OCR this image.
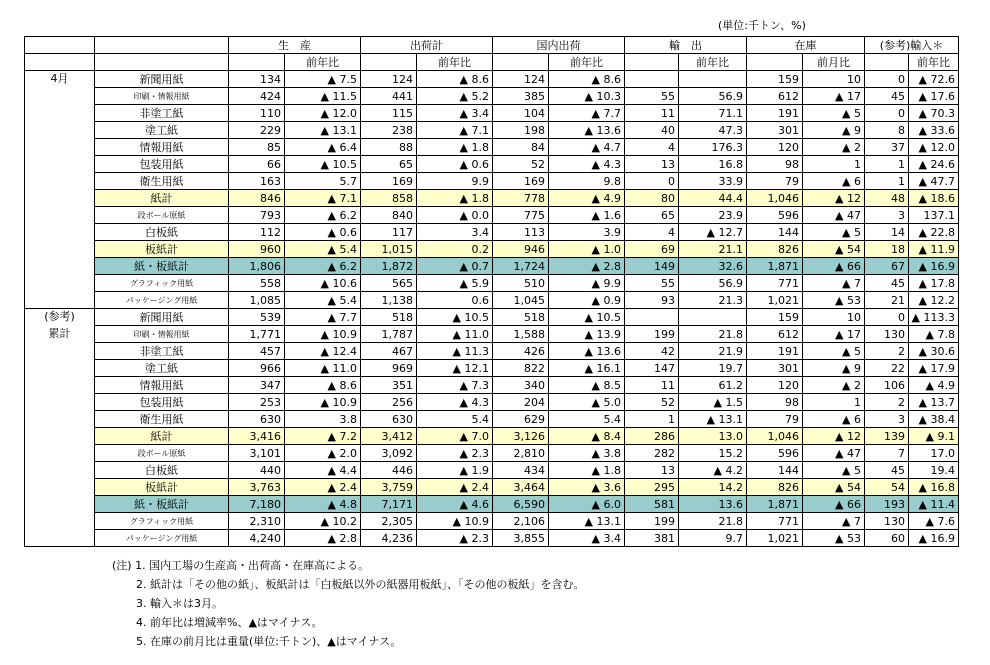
(単位:千トン、%)
		生　産		出荷計		国内出荷		輸　出		在庫		(参考)輸入＊	
			前年比		前年比		前年比		前年比		前月比		前年比
4月	新聞用紙	134	▲ 7.5	124	▲ 8.6	124	▲ 8.6			159	10	0	▲ 72.6
	印刷・情報用紙	424	▲ 11.5	441	▲ 5.2	385	▲ 10.3	55	56.9	612	▲ 17	45	▲ 17.6
	非塗工紙	110	▲ 12.0	115	▲ 3.4	104	▲ 7.7	11	71.1	191	▲ 5	0	▲ 70.3
	塗工紙	229	▲ 13.1	238	▲ 7.1	198	▲ 13.6	40	47.3	301	▲ 9	8	▲ 33.6
	情報用紙	85	▲ 6.4	88	▲ 1.8	84	▲ 4.7	4	176.3	120	▲ 2	37	▲ 12.0
	包装用紙	66	▲ 10.5	65	▲ 0.6	52	▲ 4.3	13	16.8	98	1	1	▲ 24.6
	衛生用紙	163	5.7	169	9.9	169	9.8	0	33.9	79	▲ 6	1	▲ 47.7
	紙計	846	▲ 7.1	858	▲ 1.8	778	▲ 4.9	80	44.4	1,046	▲ 12	48	▲ 18.6
	段ボール原紙	793	▲ 6.2	840	▲ 0.0	775	▲ 1.6	65	23.9	596	▲ 47	3	137.1
	白板紙	112	▲ 0.6	117	3.4	113	3.9	4	▲ 12.7	144	▲ 5	14	▲ 22.8
	板紙計	960	▲ 5.4	1,015	0.2	946	▲ 1.0	69	21.1	826	▲ 54	18	▲ 11.9
	紙・板紙計	1,806	▲ 6.2	1,872	▲ 0.7	1,724	▲ 2.8	149	32.6	1,871	▲ 66	67	▲ 16.9
	グラフィック用紙	558	▲ 10.6	565	▲ 5.9	510	▲ 9.9	55	56.9	771	▲ 7	45	▲ 17.8
	パッケージング用紙	1,085	▲ 5.4	1,138	0.6	1,045	▲ 0.9	93	21.3	1,021	▲ 53	21	▲ 12.2
(参考)	新聞用紙	539	▲ 7.7	518	▲ 10.5	518	▲ 10.5			159	10	0	▲ 113.3
累計	印刷・情報用紙	1,771	▲ 10.9	1,787	▲ 11.0	1,588	▲ 13.9	199	21.8	612	▲ 17	130	▲ 7.8
	非塗工紙	457	▲ 12.4	467	▲ 11.3	426	▲ 13.6	42	21.9	191	▲ 5	2	▲ 30.6
	塗工紙	966	▲ 11.0	969	▲ 12.1	822	▲ 16.1	147	19.7	301	▲ 9	22	▲ 17.9
	情報用紙	347	▲ 8.6	351	▲ 7.3	340	▲ 8.5	11	61.2	120	▲ 2	106	▲ 4.9
	包装用紙	253	▲ 10.9	256	▲ 4.3	204	▲ 5.0	52	▲ 1.5	98	1	2	▲ 13.7
	衛生用紙	630	3.8	630	5.4	629	5.4	1	▲ 13.1	79	▲ 6	3	▲ 38.4
	紙計	3,416	▲ 7.2	3,412	▲ 7.0	3,126	▲ 8.4	286	13.0	1,046	▲ 12	139	▲ 9.1
	段ボール原紙	3,101	▲ 2.0	3,092	▲ 2.3	2,810	▲ 3.8	282	15.2	596	▲ 47	7	17.0
	白板紙	440	▲ 4.4	446	▲ 1.9	434	▲ 1.8	13	▲ 4.2	144	▲ 5	45	19.4
	板紙計	3,763	▲ 2.4	3,759	▲ 2.4	3,464	▲ 3.6	295	14.2	826	▲ 54	54	▲ 16.8
	紙・板紙計	7,180	▲ 4.8	7,171	▲ 4.6	6,590	▲ 6.0	581	13.6	1,871	▲ 66	193	▲ 11.4
	グラフィック用紙	2,310	▲ 10.2	2,305	▲ 10.9	2,106	▲ 13.1	199	21.8	771	▲ 7	130	▲ 7.6
	パッケージング用紙	4,240	▲ 2.8	4,236	▲ 2.3	3,855	▲ 3.4	381	9.7	1,021	▲ 53	60	▲ 16.9
(注) 1. 国内工場の生産高・出荷高・在庫高による。
2. 紙計は「その他の紙」、板紙計は「白板紙以外の紙器用板紙」、「その他の板紙」を含む。
3. 輸入＊は3月。
4. 前年比は増減率%、▲はマイナス。
5. 在庫の前月比は重量(単位:千トン)、▲はマイナス。
